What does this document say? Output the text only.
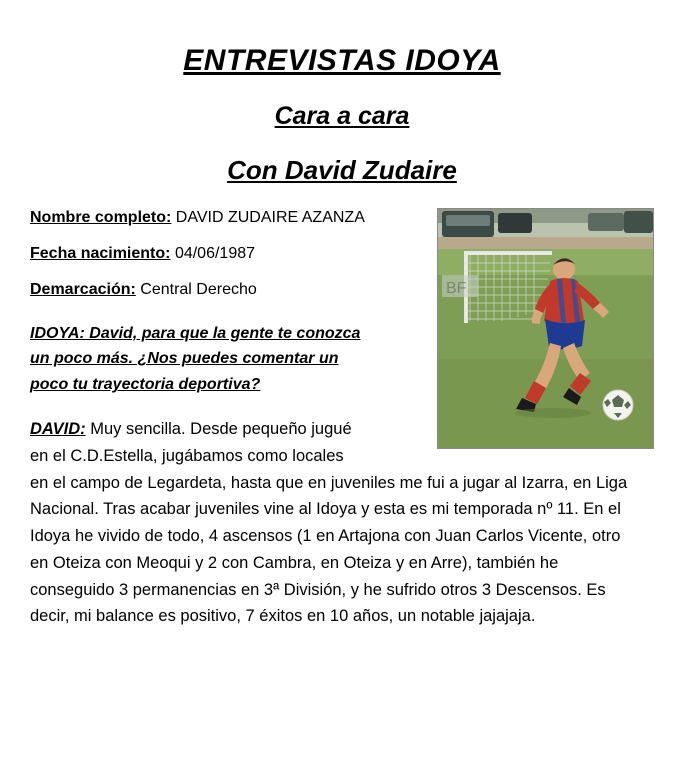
ENTREVISTAS IDOYA
Cara a cara
Con David Zudaire
BF
Nombre completo: DAVID ZUDAIRE AZANZA
Fecha nacimiento: 04/06/1987
Demarcación: Central Derecho
IDOYA: David, para que la gente te conozca
un poco más. ¿Nos puedes comentar un
poco tu trayectoria deportiva?
DAVID: Muy sencilla. Desde pequeño jugué
en el C.D.Estella, jugábamos como locales
en el campo de Legardeta, hasta que en juveniles me fui a jugar al Izarra, en Liga Nacional. Tras acabar juveniles vine al Idoya y esta es mi temporada nº 11. En el Idoya he vivido de todo, 4 ascensos (1 en Artajona con Juan Carlos Vicente, otro en Oteiza con Meoqui y 2 con Cambra, en Oteiza y en Arre), también he conseguido 3 permanencias en 3ª División, y he sufrido otros 3 Descensos. Es decir, mi balance es positivo, 7 éxitos en 10 años, un notable jajajaja.
